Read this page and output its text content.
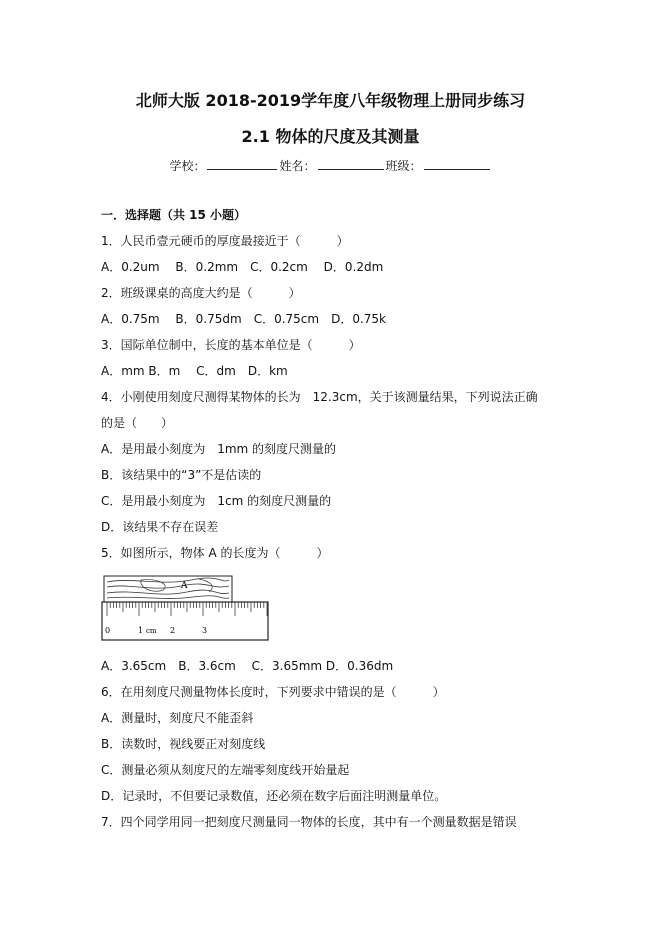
北师大版 2018-2019学年度八年级物理上册同步练习
2.1 物体的尺度及其测量
学校：	姓名：	班级：
一．选择题（共 15 小题）
1．人民币壹元硬币的厚度最接近于（　　　）
A．0.2um　 B．0.2mm　C．0.2cm　 D．0.2dm
2．班级课桌的高度大约是（　　　）
A．0.75m　 B．0.75dm　C．0.75cm　D．0.75k
3．国际单位制中，长度的基本单位是（　　　）
A．mm B．m　 C．dm　D．km
4．小刚使用刻度尺测得某物体的长为　12.3cm，关于该测量结果，下列说法正确
的是（　　）
A．是用最小刻度为　1mm 的刻度尺测量的
B．该结果中的“3”不是估读的
C．是用最小刻度为　1cm 的刻度尺测量的
D．该结果不存在误差
5．如图所示，物体 A 的长度为（　　　）
A
0	1 cm 2	3
A．3.65cm　B．3.6cm　 C．3.65mm D．0.36dm
6．在用刻度尺测量物体长度时，下列要求中错误的是（　　　）
A．测量时，刻度尺不能歪斜
B．读数时，视线要正对刻度线
C．测量必须从刻度尺的左端零刻度线开始量起
D．记录时，不但要记录数值，还必须在数字后面注明测量单位。
7．四个同学用同一把刻度尺测量同一物体的长度，其中有一个测量数据是错误
